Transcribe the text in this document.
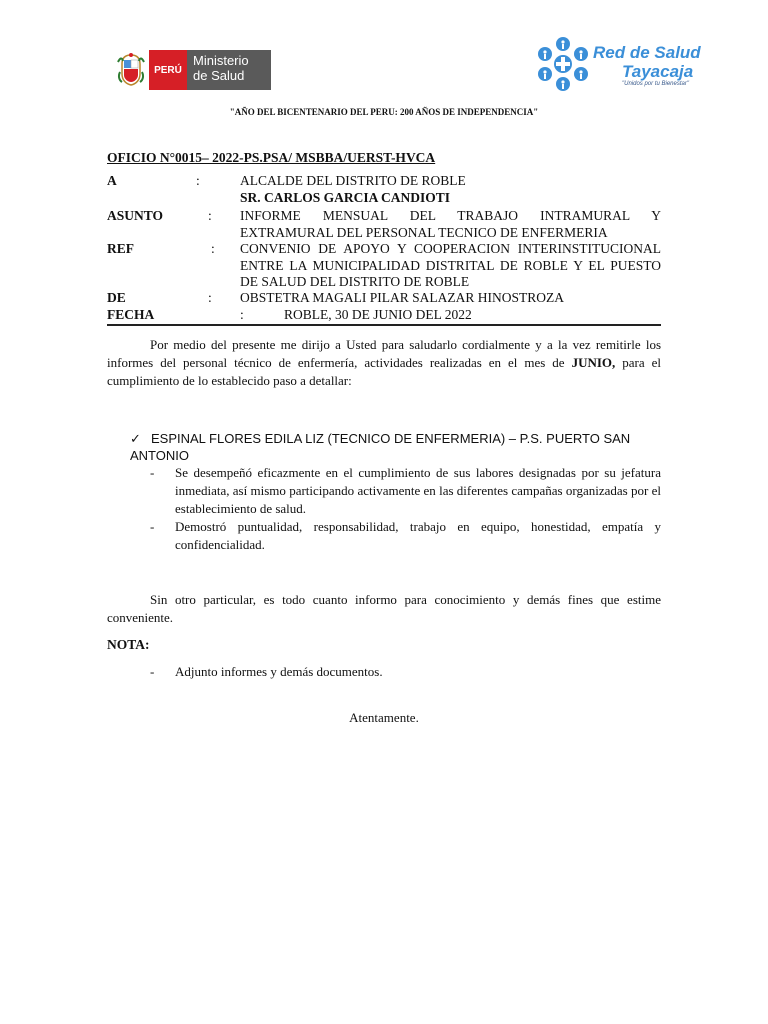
PERÚ
Ministerio de Salud
Red de Salud
Tayacaja
"Unidos por tu Bienestar"
"AÑO DEL BICENTENARIO DEL PERU: 200 AÑOS DE INDEPENDENCIA"
OFICIO N°0015– 2022-PS.PSA/ MSBBA/UERST-HVCA
A	:	ALCALDE DEL DISTRITO DE ROBLE
SR. CARLOS GARCIA CANDIOTI
ASUNTO	: INFORME MENSUAL DEL TRABAJO INTRAMURAL Y EXTRAMURAL DEL PERSONAL TECNICO DE ENFERMERIA
REF	: CONVENIO DE APOYO Y COOPERACION INTERINSTITUCIONAL ENTRE LA MUNICIPALIDAD DISTRITAL DE ROBLE Y EL PUESTO DE SALUD DEL DISTRITO DE ROBLE
DE	: OBSTETRA MAGALI PILAR SALAZAR HINOSTROZA
FECHA	:	ROBLE, 30 DE JUNIO DEL 2022
Por medio del presente me dirijo a Usted para saludarlo cordialmente y a la vez remitirle los informes del personal técnico de enfermería, actividades realizadas en el mes de JUNIO, para el cumplimiento de lo establecido paso a detallar:
✓ ESPINAL FLORES EDILA LIZ (TECNICO DE ENFERMERIA) – P.S. PUERTO SAN ANTONIO
- Se desempeñó eficazmente en el cumplimiento de sus labores designadas por su jefatura inmediata, así mismo participando activamente en las diferentes campañas organizadas por el establecimiento de salud.
- Demostró puntualidad, responsabilidad, trabajo en equipo, honestidad, empatía y confidencialidad.
Sin otro particular, es todo cuanto informo para conocimiento y demás fines que estime conveniente.
NOTA:
- Adjunto informes y demás documentos.
Atentamente.
